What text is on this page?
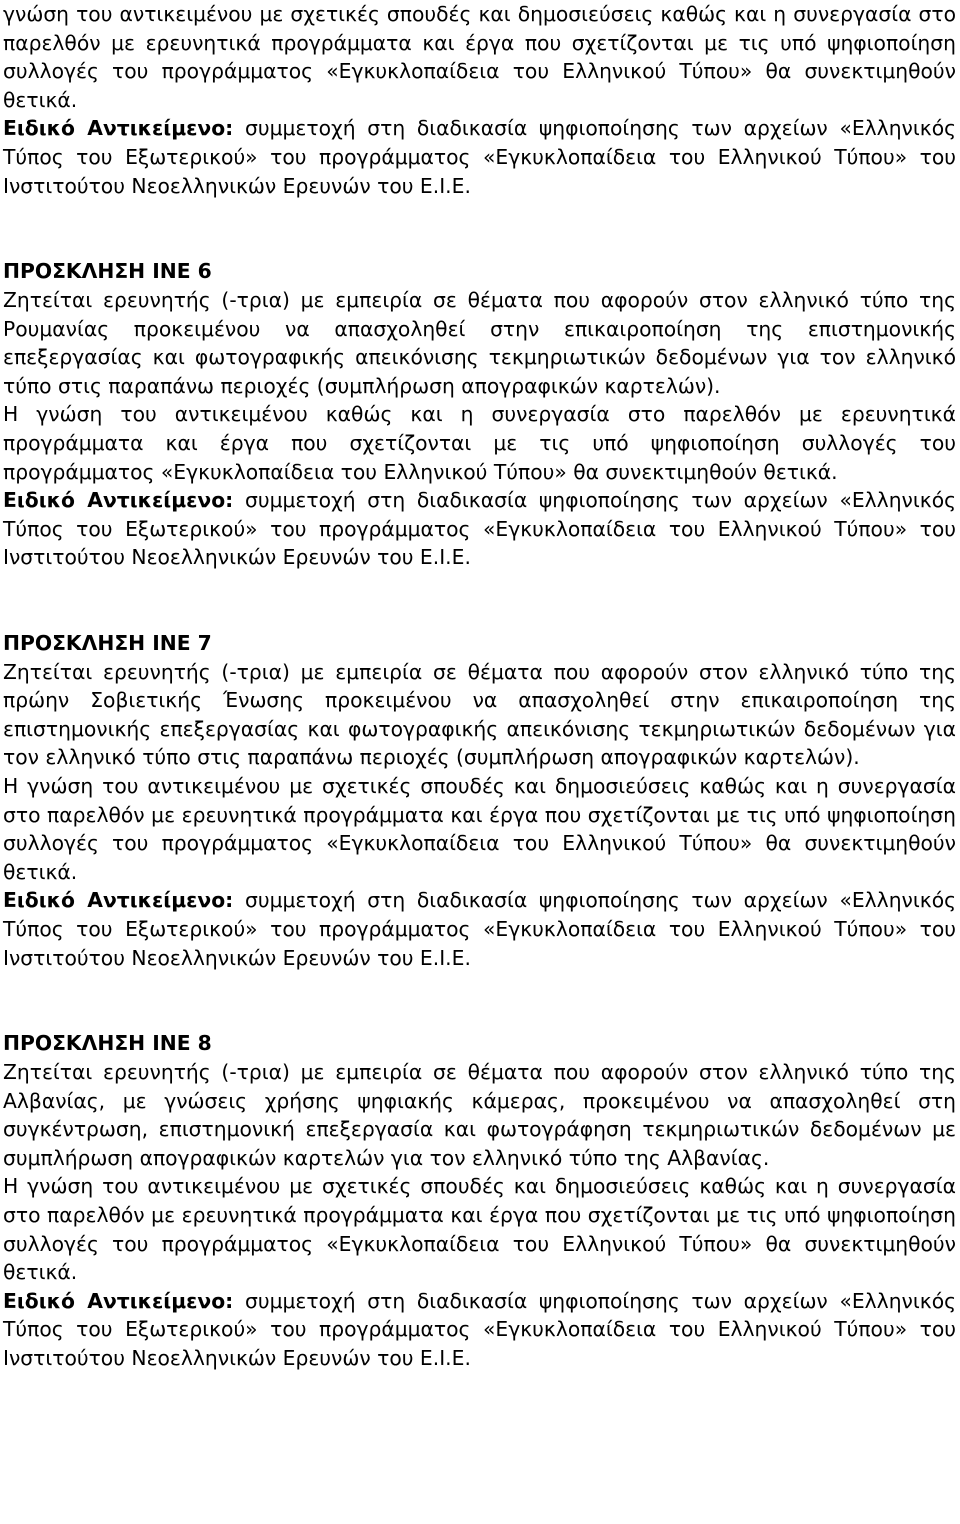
γνώση του αντικειμένου με σχετικές σπουδές και δημοσιεύσεις καθώς και η συνεργασία στο παρελθόν με ερευνητικά προγράμματα και έργα που σχετίζονται με τις υπό ψηφιοποίηση συλλογές του προγράμματος «Εγκυκλοπαίδεια του Ελληνικού Τύπου» θα συνεκτιμηθούν θετικά.

Ειδικό Αντικείμενο: συμμετοχή στη διαδικασία ψηφιοποίησης των αρχείων «Ελληνικός Τύπος του Εξωτερικού» του προγράμματος «Εγκυκλοπαίδεια του Ελληνικού Τύπου» του Ινστιτούτου Νεοελληνικών Ερευνών του Ε.Ι.Ε.

ΠΡΟΣΚΛΗΣΗ INE 6

Ζητείται ερευνητής (-τρια) με εμπειρία σε θέματα που αφορούν στον ελληνικό τύπο της Ρουμανίας προκειμένου να απασχοληθεί στην επικαιροποίηση της επιστημονικής επεξεργασίας και φωτογραφικής απεικόνισης τεκμηριωτικών δεδομένων για τον ελληνικό τύπο στις παραπάνω περιοχές (συμπλήρωση απογραφικών καρτελών).

Η γνώση του αντικειμένου καθώς και η συνεργασία στο παρελθόν με ερευνητικά προγράμματα και έργα που σχετίζονται με τις υπό ψηφιοποίηση συλλογές του προγράμματος «Εγκυκλοπαίδεια του Ελληνικού Τύπου» θα συνεκτιμηθούν θετικά.

Ειδικό Αντικείμενο: συμμετοχή στη διαδικασία ψηφιοποίησης των αρχείων «Ελληνικός Τύπος του Εξωτερικού» του προγράμματος «Εγκυκλοπαίδεια του Ελληνικού Τύπου» του Ινστιτούτου Νεοελληνικών Ερευνών του Ε.Ι.Ε.

ΠΡΟΣΚΛΗΣΗ INE 7

Ζητείται ερευνητής (-τρια) με εμπειρία σε θέματα που αφορούν στον ελληνικό τύπο της πρώην Σοβιετικής Ένωσης προκειμένου να απασχοληθεί στην επικαιροποίηση της επιστημονικής επεξεργασίας και φωτογραφικής απεικόνισης τεκμηριωτικών δεδομένων για τον ελληνικό τύπο στις παραπάνω περιοχές (συμπλήρωση απογραφικών καρτελών).

Η γνώση του αντικειμένου με σχετικές σπουδές και δημοσιεύσεις καθώς και η συνεργασία στο παρελθόν με ερευνητικά προγράμματα και έργα που σχετίζονται με τις υπό ψηφιοποίηση συλλογές του προγράμματος «Εγκυκλοπαίδεια του Ελληνικού Τύπου» θα συνεκτιμηθούν θετικά.

Ειδικό Αντικείμενο: συμμετοχή στη διαδικασία ψηφιοποίησης των αρχείων «Ελληνικός Τύπος του Εξωτερικού» του προγράμματος «Εγκυκλοπαίδεια του Ελληνικού Τύπου» του Ινστιτούτου Νεοελληνικών Ερευνών του Ε.Ι.Ε.

ΠΡΟΣΚΛΗΣΗ INE 8

Ζητείται ερευνητής (-τρια) με εμπειρία σε θέματα που αφορούν στον ελληνικό τύπο της Αλβανίας, με γνώσεις χρήσης ψηφιακής κάμερας, προκειμένου να απασχοληθεί στη συγκέντρωση, επιστημονική επεξεργασία και φωτογράφηση τεκμηριωτικών δεδομένων με συμπλήρωση απογραφικών καρτελών για τον ελληνικό τύπο της Αλβανίας.

Η γνώση του αντικειμένου με σχετικές σπουδές και δημοσιεύσεις καθώς και η συνεργασία στο παρελθόν με ερευνητικά προγράμματα και έργα που σχετίζονται με τις υπό ψηφιοποίηση συλλογές του προγράμματος «Εγκυκλοπαίδεια του Ελληνικού Τύπου» θα συνεκτιμηθούν θετικά.

Ειδικό Αντικείμενο: συμμετοχή στη διαδικασία ψηφιοποίησης των αρχείων «Ελληνικός Τύπος του Εξωτερικού» του προγράμματος «Εγκυκλοπαίδεια του Ελληνικού Τύπου» του Ινστιτούτου Νεοελληνικών Ερευνών του Ε.Ι.Ε.
